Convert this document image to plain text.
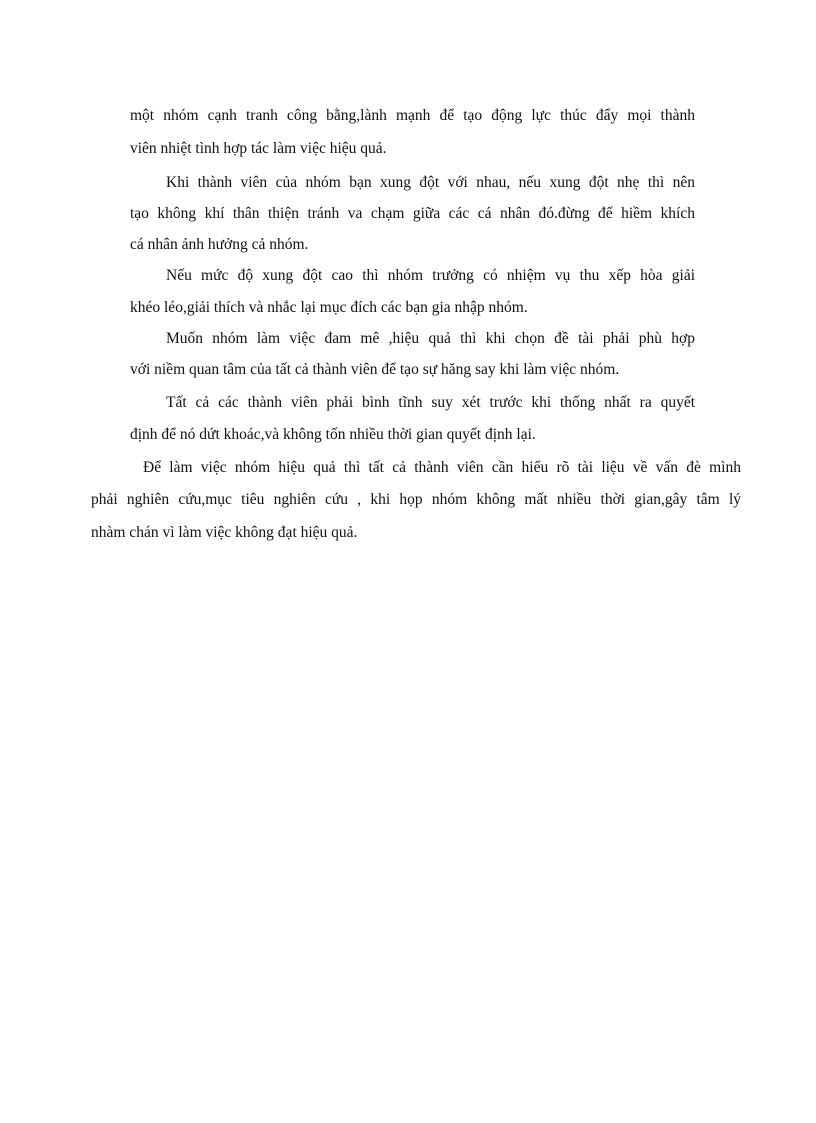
một nhóm cạnh tranh công bằng,lành mạnh để tạo động lực thúc đẩy mọi thành
viên nhiệt tình hợp tác làm việc hiệu quả.
Khi thành viên của nhóm bạn xung đột với nhau, nếu xung đột nhẹ thì nên
tạo không khí thân thiện tránh va chạm giữa các cá nhân đó.đừng để hiềm khích
cá nhân ảnh hưởng cả nhóm.
Nếu mức độ xung đột cao thì nhóm trưởng có nhiệm vụ thu xếp hòa giải
khéo léo,giải thích và nhắc lại mục đích các bạn gia nhập nhóm.
Muốn nhóm làm việc đam mê ,hiệu quả thì khi chọn đề tài phải phù hợp
với niềm quan tâm của tất cả thành viên để tạo sự hăng say khi làm việc nhóm.
Tất cả các thành viên phải bình tĩnh suy xét trước khi thống nhất ra quyết
định để nó dứt khoác,và không tốn nhiều thời gian quyết định lại.
Để làm việc nhóm hiệu quả thì tất cả thành viên cần hiểu rõ tài liệu về vấn đè mình
phải nghiên cứu,mục tiêu nghiên cứu , khi họp nhóm không mất nhiều thời gian,gây tâm lý
nhàm chán vì làm việc không đạt hiệu quả.
